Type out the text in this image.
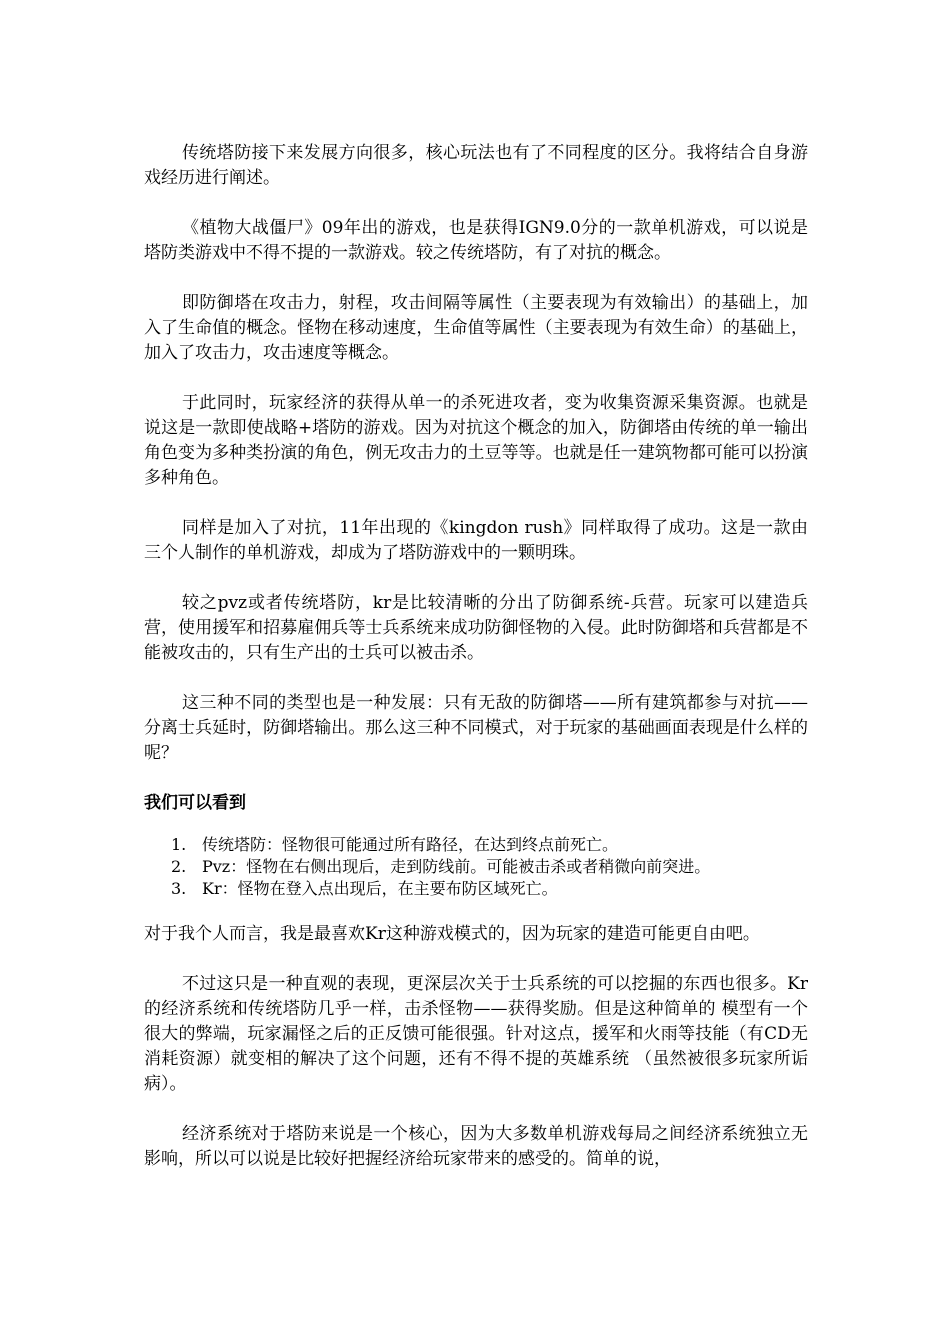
传统塔防接下来发展方向很多，核心玩法也有了不同程度的区分。我将结合自身游戏经历进行阐述。

《植物大战僵尸》09年出的游戏，也是获得IGN9.0分的一款单机游戏，可以说是塔防类游戏中不得不提的一款游戏。较之传统塔防，有了对抗的概念。

即防御塔在攻击力，射程，攻击间隔等属性（主要表现为有效输出）的基础上，加入了生命值的概念。怪物在移动速度，生命值等属性（主要表现为有效生命）的基础上，加入了攻击力，攻击速度等概念。

于此同时，玩家经济的获得从单一的杀死进攻者，变为收集资源采集资源。也就是说这是一款即使战略+塔防的游戏。因为对抗这个概念的加入，防御塔由传统的单一输出角色变为多种类扮演的角色，例无攻击力的土豆等等。也就是任一建筑物都可能可以扮演多种角色。

同样是加入了对抗，11年出现的《kingdon rush》同样取得了成功。这是一款由三个人制作的单机游戏，却成为了塔防游戏中的一颗明珠。

较之pvz或者传统塔防，kr是比较清晰的分出了防御系统-兵营。玩家可以建造兵营，使用援军和招募雇佣兵等士兵系统来成功防御怪物的入侵。此时防御塔和兵营都是不能被攻击的，只有生产出的士兵可以被击杀。

这三种不同的类型也是一种发展：只有无敌的防御塔——所有建筑都参与对抗——分离士兵延时，防御塔输出。那么这三种不同模式，对于玩家的基础画面表现是什么样的呢？

我们可以看到

1. 传统塔防：怪物很可能通过所有路径，在达到终点前死亡。
2. Pvz：怪物在右侧出现后，走到防线前。可能被击杀或者稍微向前突进。
3. Kr：怪物在登入点出现后，在主要布防区域死亡。

对于我个人而言，我是最喜欢Kr这种游戏模式的，因为玩家的建造可能更自由吧。

不过这只是一种直观的表现，更深层次关于士兵系统的可以挖掘的东西也很多。Kr的经济系统和传统塔防几乎一样，击杀怪物——获得奖励。但是这种简单的 模型有一个很大的弊端，玩家漏怪之后的正反馈可能很强。针对这点，援军和火雨等技能（有CD无消耗资源）就变相的解决了这个问题，还有不得不提的英雄系统 （虽然被很多玩家所诟病）。

经济系统对于塔防来说是一个核心，因为大多数单机游戏每局之间经济系统独立无影响，所以可以说是比较好把握经济给玩家带来的感受的。简单的说，
